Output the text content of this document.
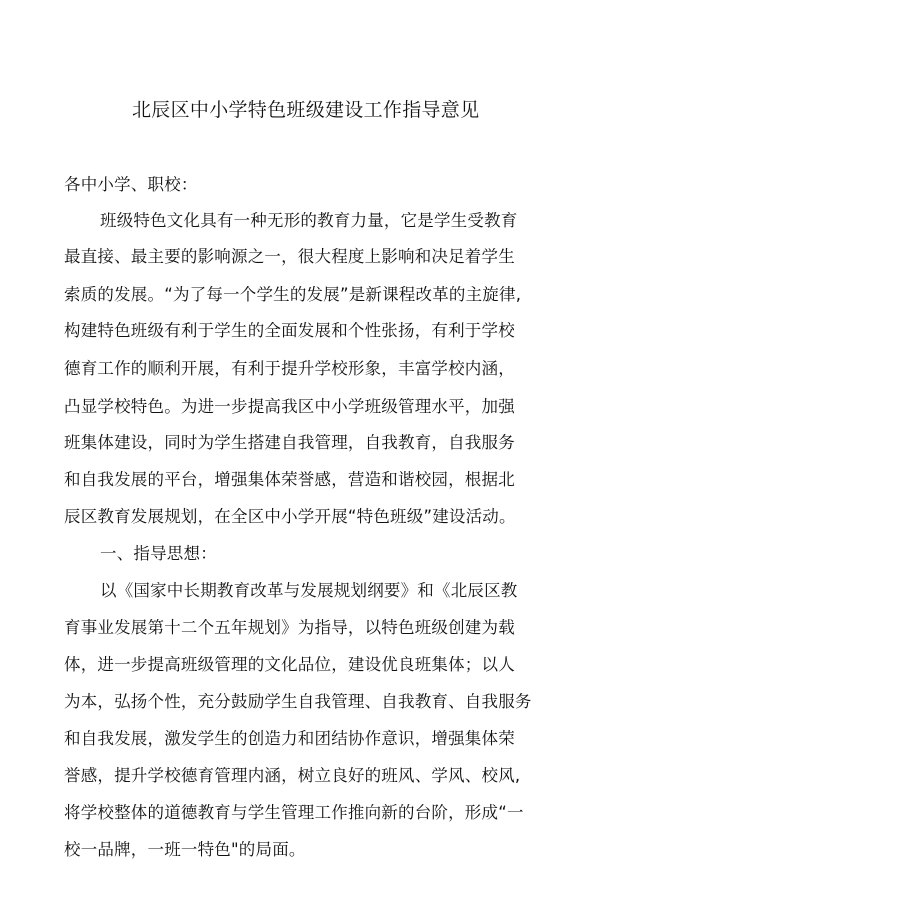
北辰区中小学特色班级建设工作指导意见
各中小学、职校：
班级特色文化具有一种无形的教育力量，它是学生受教育
最直接、最主要的影响源之一，很大程度上影响和决足着学生
索质的发展。“为了每一个学生的发展”是新课程改革的主旋律,
构建特色班级有利于学生的全面发展和个性张扬，有利于学校
德育工作的顺利开展，有利于提升学校形象，丰富学校内涵，
凸显学校特色。为进一步提高我区中小学班级管理水平，加强
班集体建设，同时为学生搭建自我管理，自我教育，自我服务
和自我发展的平台，增强集体荣誉感，营造和谐校园，根据北
辰区教育发展规划，在全区中小学开展“特色班级”建设活动。
一、指导思想：
以《国家中长期教育改革与发展规划纲要》和《北辰区教
育事业发展第十二个五年规划》为指导，以特色班级创建为载
体，进一步提高班级管理的文化品位，建设优良班集体；以人
为本，弘扬个性，充分鼓励学生自我管理、自我教育、自我服务
和自我发展，激发学生的创造力和团结协作意识，增强集体荣
誉感，提升学校德育管理内涵，树立良好的班风、学风、校风,
将学校整体的道德教育与学生管理工作推向新的台阶，形成“一
校一品牌，一班一特色"的局面。
